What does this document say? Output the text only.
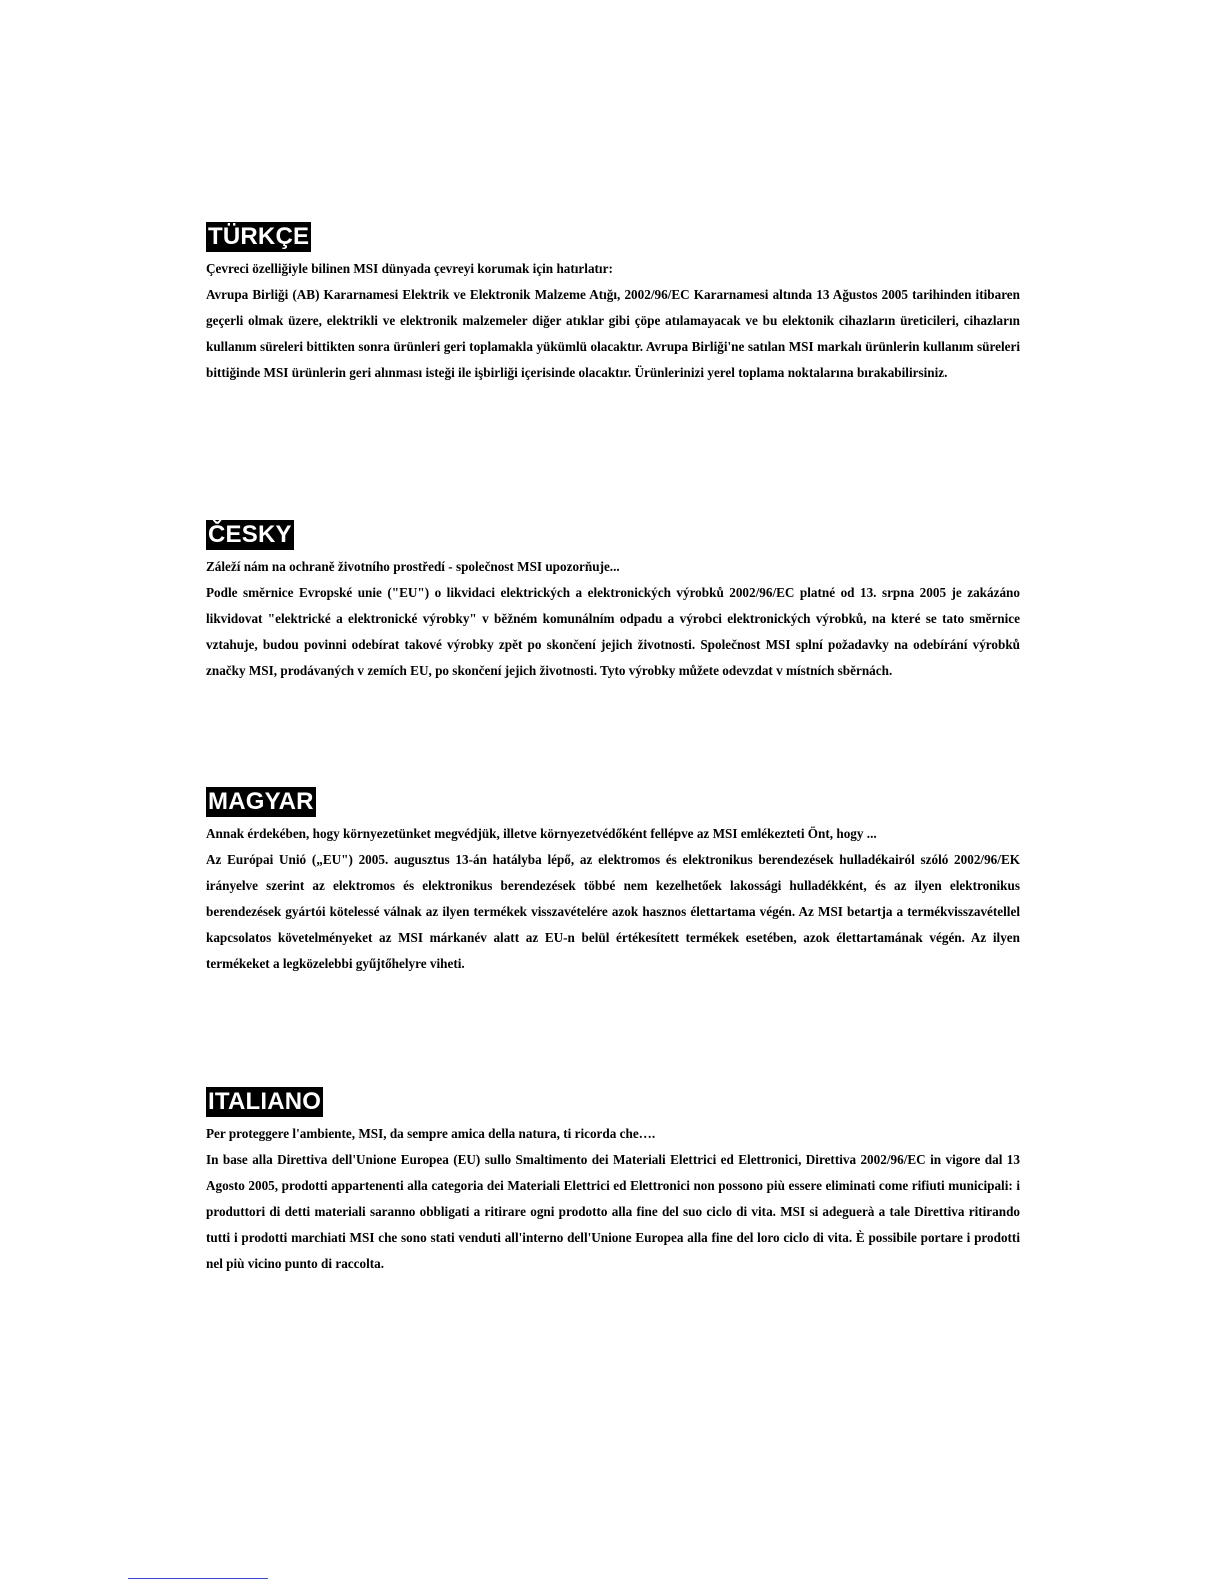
TÜRKÇE

Çevreci özelliğiyle bilinen MSI dünyada çevreyi korumak için hatırlatır:

Avrupa Birliği (AB) Kararnamesi Elektrik ve Elektronik Malzeme Atığı, 2002/96/EC Kararnamesi altında 13 Ağustos 2005 tarihinden itibaren geçerli olmak üzere, elektrikli ve elektronik malzemeler diğer atıklar gibi çöpe atılamayacak ve bu elektonik cihazların üreticileri, cihazların kullanım süreleri bittikten sonra ürünleri geri toplamakla yükümlü olacaktır. Avrupa Birliği'ne satılan MSI markalı ürünlerin kullanım süreleri bittiğinde MSI ürünlerin geri alınması isteği ile işbirliği içerisinde olacaktır. Ürünlerinizi yerel toplama noktalarına bırakabilirsiniz.

ČESKY

Záleží nám na ochraně životního prostředí - společnost MSI upozorňuje...

Podle směrnice Evropské unie ("EU") o likvidaci elektrických a elektronických výrobků 2002/96/EC platné od 13. srpna 2005 je zakázáno likvidovat "elektrické a elektronické výrobky" v běžném komunálním odpadu a výrobci elektronických výrobků, na které se tato směrnice vztahuje, budou povinni odebírat takové výrobky zpět po skončení jejich životnosti. Společnost MSI splní požadavky na odebírání výrobků značky MSI, prodávaných v zemích EU, po skončení jejich životnosti. Tyto výrobky můžete odevzdat v místních sběrnách.

MAGYAR

Annak érdekében, hogy környezetünket megvédjük, illetve környezetvédőként fellépve az MSI emlékezteti Önt, hogy ...

Az Európai Unió („EU") 2005. augusztus 13-án hatályba lépő, az elektromos és elektronikus berendezések hulladékairól szóló 2002/96/EK irányelve szerint az elektromos és elektronikus berendezések többé nem kezelhetőek lakossági hulladékként, és az ilyen elektronikus berendezések gyártói kötelessé válnak az ilyen termékek visszavételére azok hasznos élettartama végén. Az MSI betartja a termékvisszavétellel kapcsolatos követelményeket az MSI márkanév alatt az EU-n belül értékesített termékek esetében, azok élettartamának végén. Az ilyen termékeket a legközelebbi gyűjtőhelyre viheti.

ITALIANO

Per proteggere l'ambiente, MSI, da sempre amica della natura, ti ricorda che….

In base alla Direttiva dell'Unione Europea (EU) sullo Smaltimento dei Materiali Elettrici ed Elettronici, Direttiva 2002/96/EC in vigore dal 13 Agosto 2005, prodotti appartenenti alla categoria dei Materiali Elettrici ed Elettronici non possono più essere eliminati come rifiuti municipali: i produttori di detti materiali saranno obbligati a ritirare ogni prodotto alla fine del suo ciclo di vita. MSI si adeguerà a tale Direttiva ritirando tutti i prodotti marchiati MSI che sono stati venduti all'interno dell'Unione Europea alla fine del loro ciclo di vita. È possibile portare i prodotti nel più vicino punto di raccolta.
